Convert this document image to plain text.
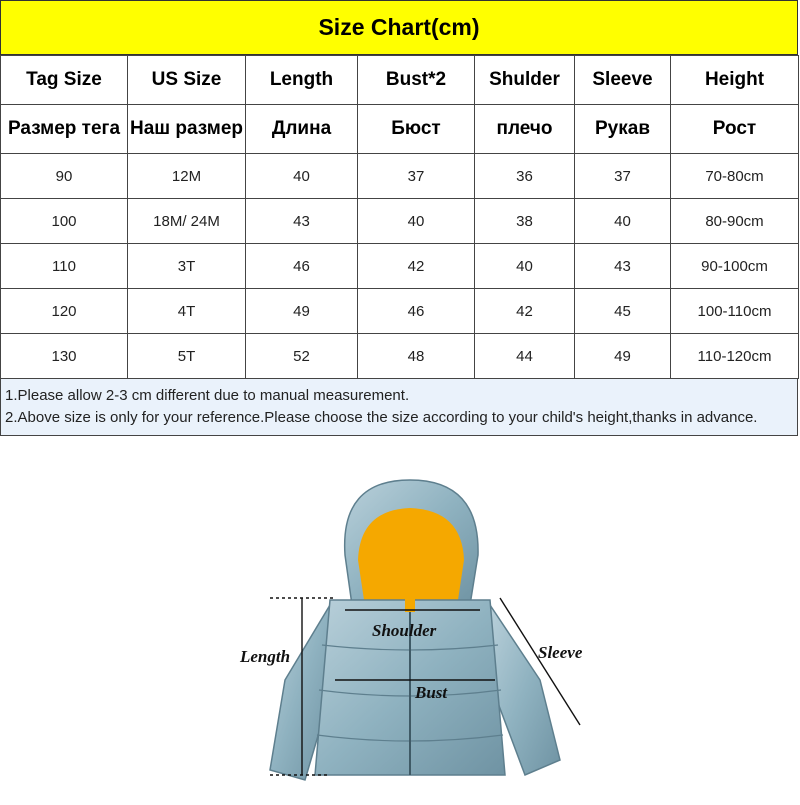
Size Chart(cm)
Tag Size	US Size	Length	Bust*2	Shulder	Sleeve	Height
Размер тега	Наш размер	Длина	Бюст	плечо	Рукав	Рост
90	12M	40	37	36	37	70-80cm
100	18M/ 24M	43	40	38	40	80-90cm
110	3T	46	42	40	43	90-100cm
120	4T	49	46	42	45	100-110cm
130	5T	52	48	44	49	110-120cm
1.Please allow 2-3 cm different due to manual measurement.
2.Above size is only for your reference.Please choose the size according to your child's height,thanks in advance.
Length
Shoulder
Sleeve
Bust
